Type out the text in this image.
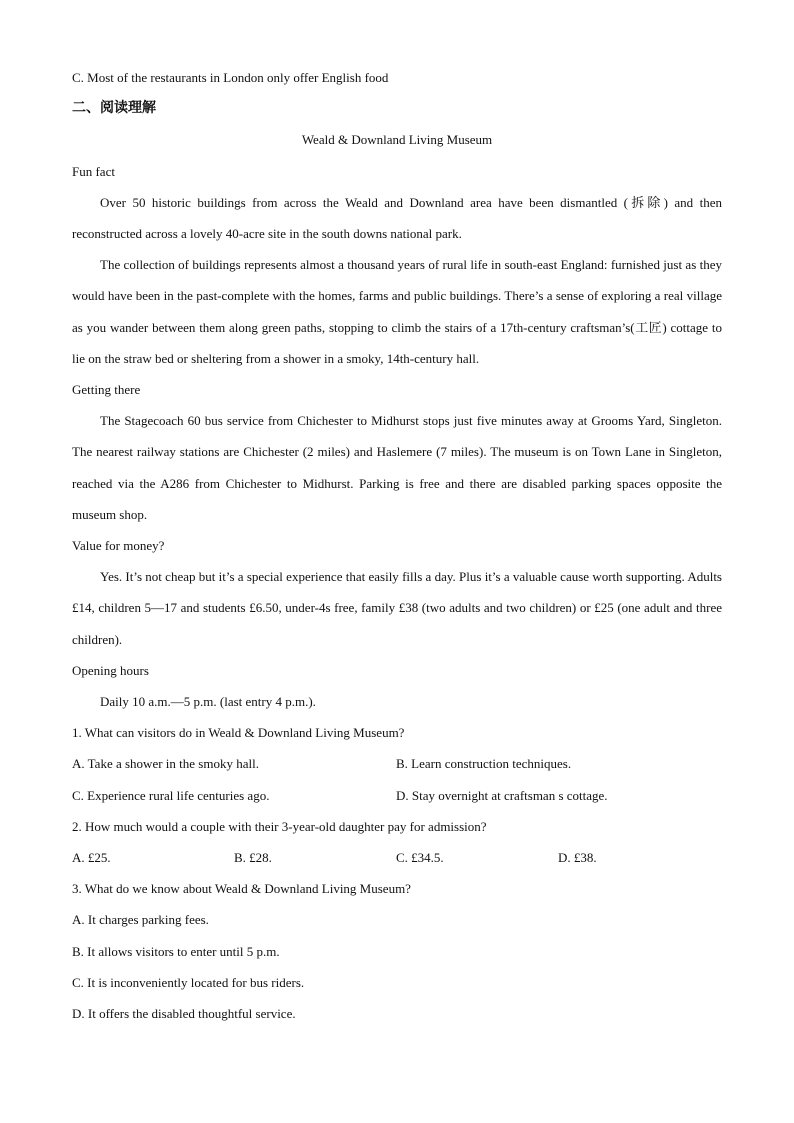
C. Most of the restaurants in London only offer English food
二、阅读理解
Weald & Downland Living Museum
Fun fact
Over 50 historic buildings from across the Weald and Downland area have been dismantled (拆除) and then reconstructed across a lovely 40-acre site in the south downs national park.
The collection of buildings represents almost a thousand years of rural life in south-east England: furnished just as they would have been in the past-complete with the homes, farms and public buildings. There’s a sense of exploring a real village as you wander between them along green paths, stopping to climb the stairs of a 17th-century craftsman’s(工匠) cottage to lie on the straw bed or sheltering from a shower in a smoky, 14th-century hall.
Getting there
The Stagecoach 60 bus service from Chichester to Midhurst stops just five minutes away at Grooms Yard, Singleton. The nearest railway stations are Chichester (2 miles) and Haslemere (7 miles). The museum is on Town Lane in Singleton, reached via the A286 from Chichester to Midhurst. Parking is free and there are disabled parking spaces opposite the museum shop.
Value for money?
Yes. It’s not cheap but it’s a special experience that easily fills a day. Plus it’s a valuable cause worth supporting. Adults £14, children 5—17 and students £6.50, under-4s free, family £38 (two adults and two children) or £25 (one adult and three children).
Opening hours
Daily 10 a.m.—5 p.m. (last entry 4 p.m.).
1. What can visitors do in Weald & Downland Living Museum?
A. Take a shower in the smoky hall.	B. Learn construction techniques.
C. Experience rural life centuries ago.	D. Stay overnight at craftsman s cottage.
2. How much would a couple with their 3-year-old daughter pay for admission?
A. £25.	B. £28.	C. £34.5.	D. £38.
3. What do we know about Weald & Downland Living Museum?
A. It charges parking fees.
B. It allows visitors to enter until 5 p.m.
C. It is inconveniently located for bus riders.
D. It offers the disabled thoughtful service.
